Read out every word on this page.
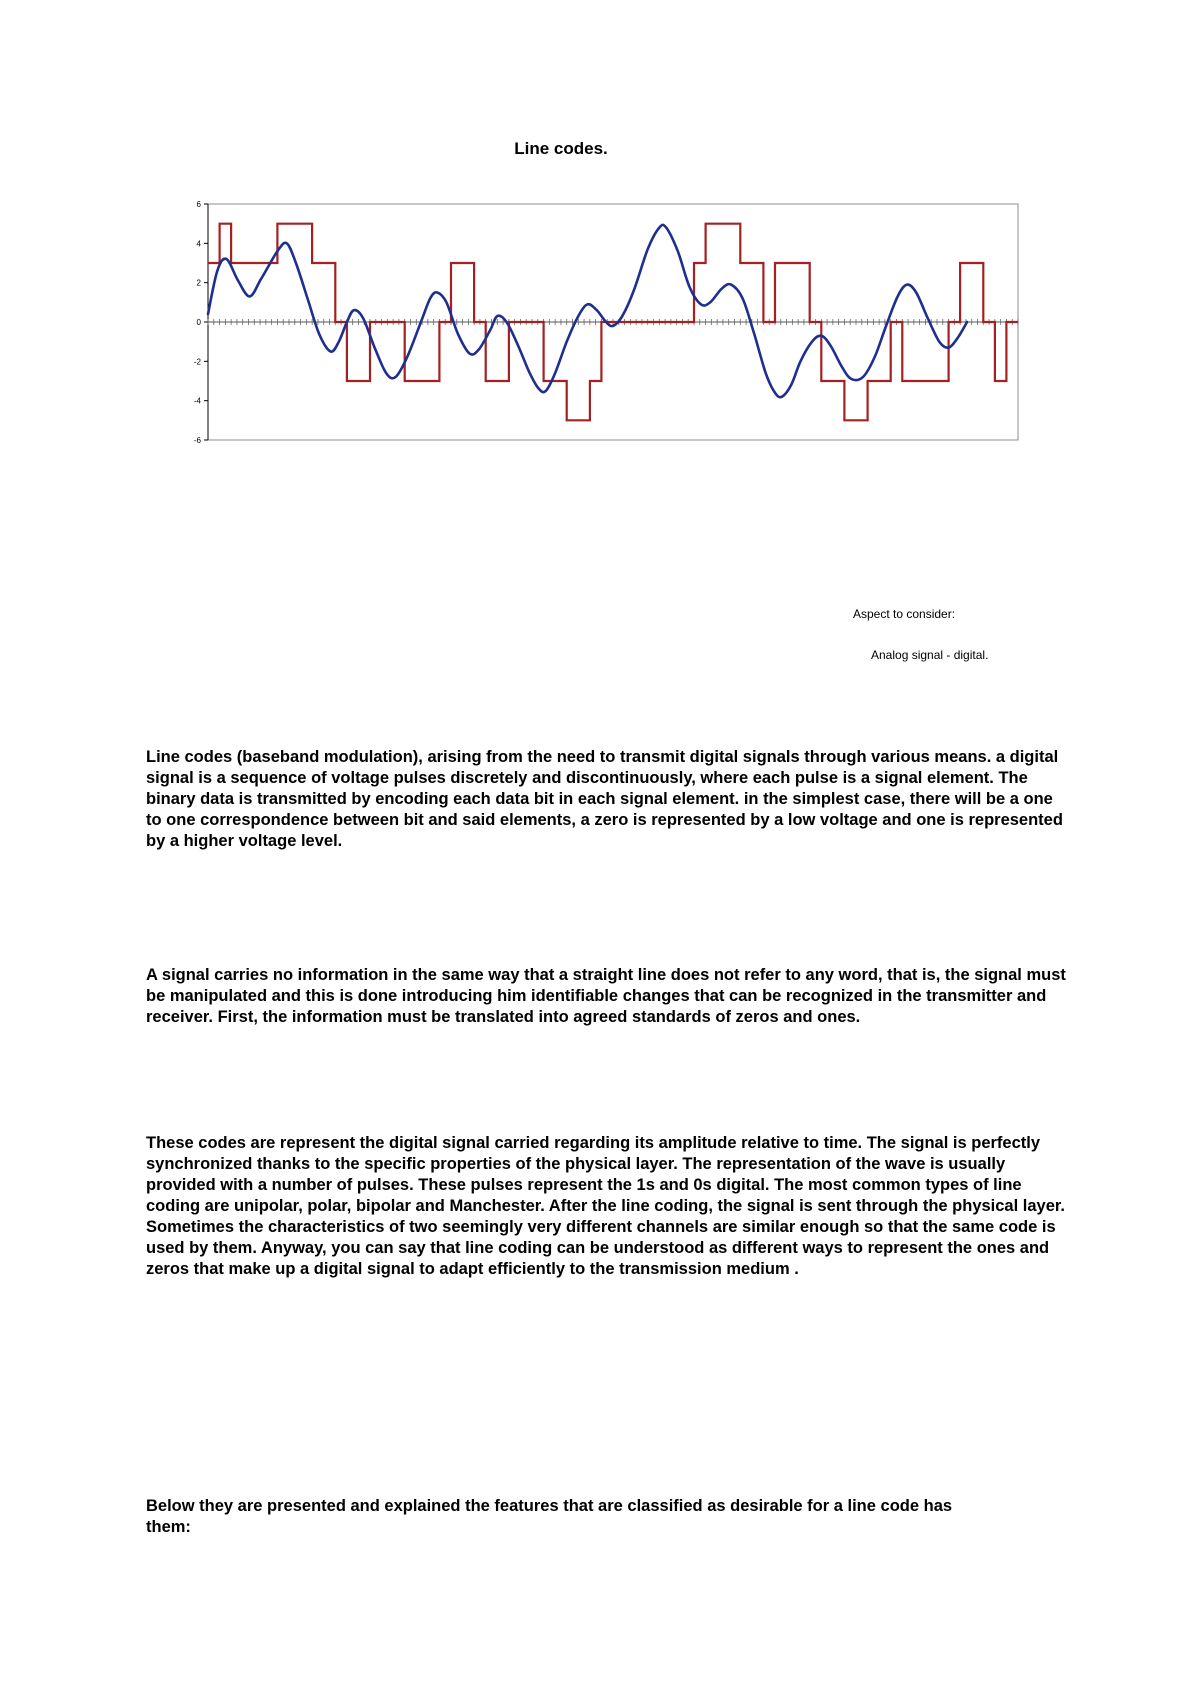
Line codes.
6
4
2
0
-2
-4
-6
Aspect to consider:
Analog signal - digital.

Line codes (baseband modulation), arising from the need to transmit digital signals through various means. a digital signal is a sequence of voltage pulses discretely and discontinuously, where each pulse is a signal element. The binary data is transmitted by encoding each data bit in each signal element. in the simplest case, there will be a one to one correspondence between bit and said elements, a zero is represented by a low voltage and one is represented by a higher voltage level.

A signal carries no information in the same way that a straight line does not refer to any word, that is, the signal must be manipulated and this is done introducing him identifiable changes that can be recognized in the transmitter and receiver. First, the information must be translated into agreed standards of zeros and ones.

These codes are represent the digital signal carried regarding its amplitude relative to time. The signal is perfectly synchronized thanks to the specific properties of the physical layer. The representation of the wave is usually provided with a number of pulses. These pulses represent the 1s and 0s digital. The most common types of line coding are unipolar, polar, bipolar and Manchester. After the line coding, the signal is sent through the physical layer. Sometimes the characteristics of two seemingly very different channels are similar enough so that the same code is used by them. Anyway, you can say that line coding can be understood as different ways to represent the ones and zeros that make up a digital signal to adapt efficiently to the transmission medium .

Below they are presented and explained the features that are classified as desirable for a line code has them:
